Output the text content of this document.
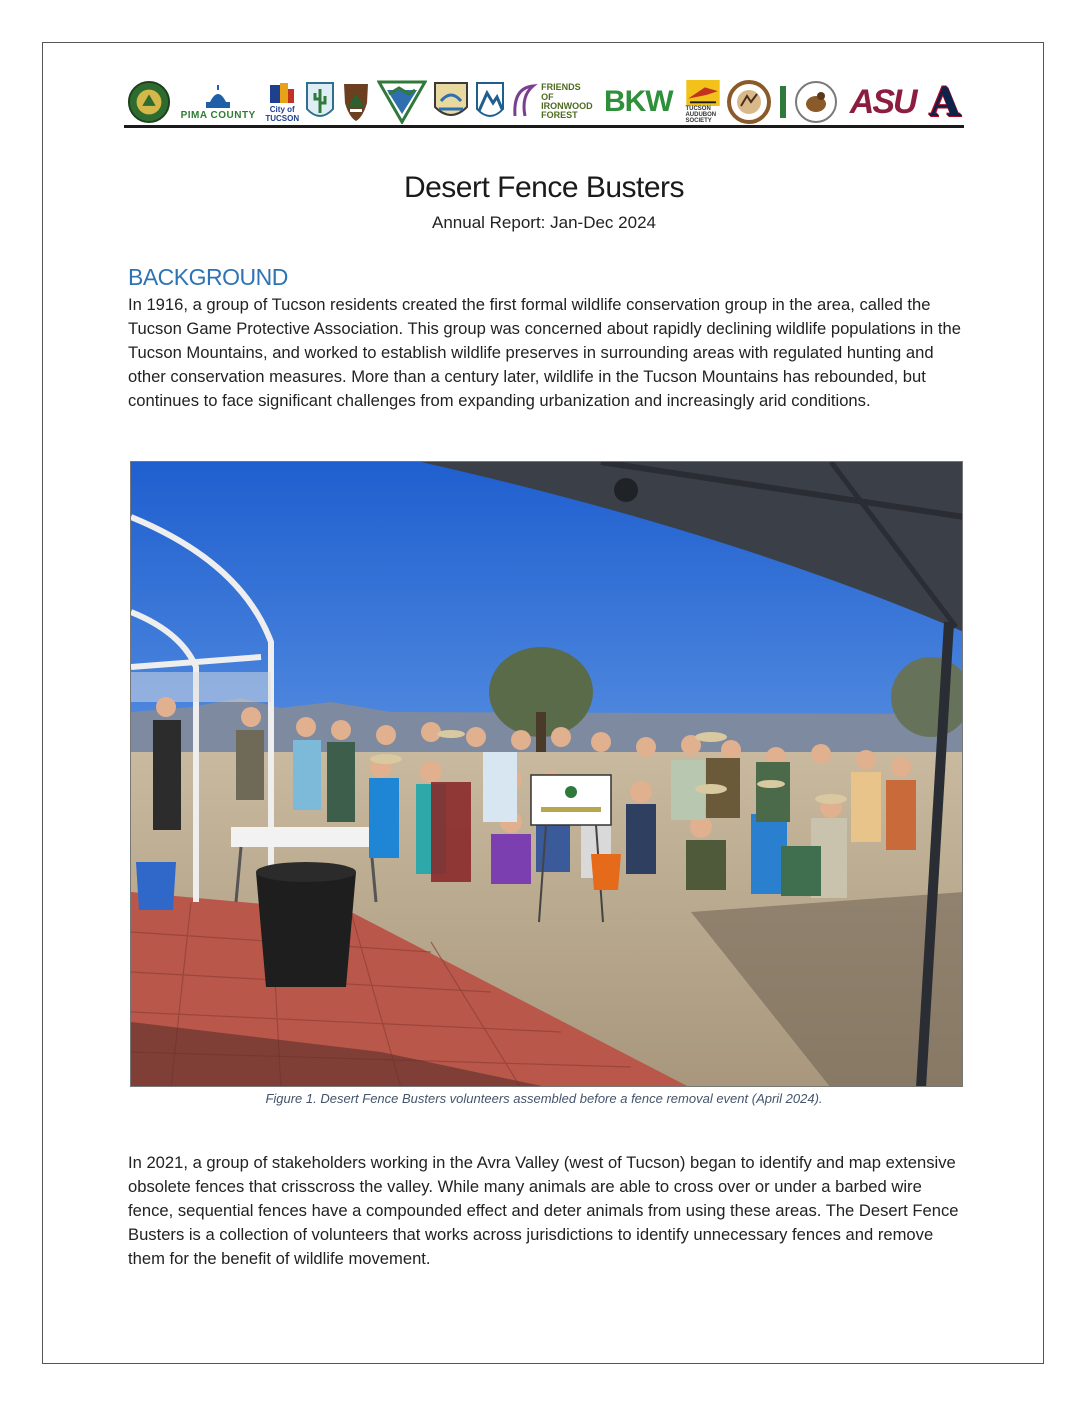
PIMA COUNTY City of
TUCSON
FRIENDS OF IRONWOOD FOREST BKW TUCSON AUDUBON SOCIETY
ASU A
Desert Fence Busters
Annual Report: Jan-Dec 2024
BACKGROUND

In 1916, a group of Tucson residents created the first formal wildlife conservation group in the area, called the Tucson Game Protective Association. This group was concerned about rapidly declining wildlife populations in the Tucson Mountains, and worked to establish wildlife preserves in surrounding areas with regulated hunting and other conservation measures. More than a century later, wildlife in the Tucson Mountains has rebounded, but continues to face significant challenges from expanding urbanization and increasingly arid conditions.

Figure 1. Desert Fence Busters volunteers assembled before a fence removal event (April 2024).

In 2021, a group of stakeholders working in the Avra Valley (west of Tucson) began to identify and map extensive obsolete fences that crisscross the valley. While many animals are able to cross over or under a barbed wire fence, sequential fences have a compounded effect and deter animals from using these areas. The Desert Fence Busters is a collection of volunteers that works across jurisdictions to identify unnecessary fences and remove them for the benefit of wildlife movement.
